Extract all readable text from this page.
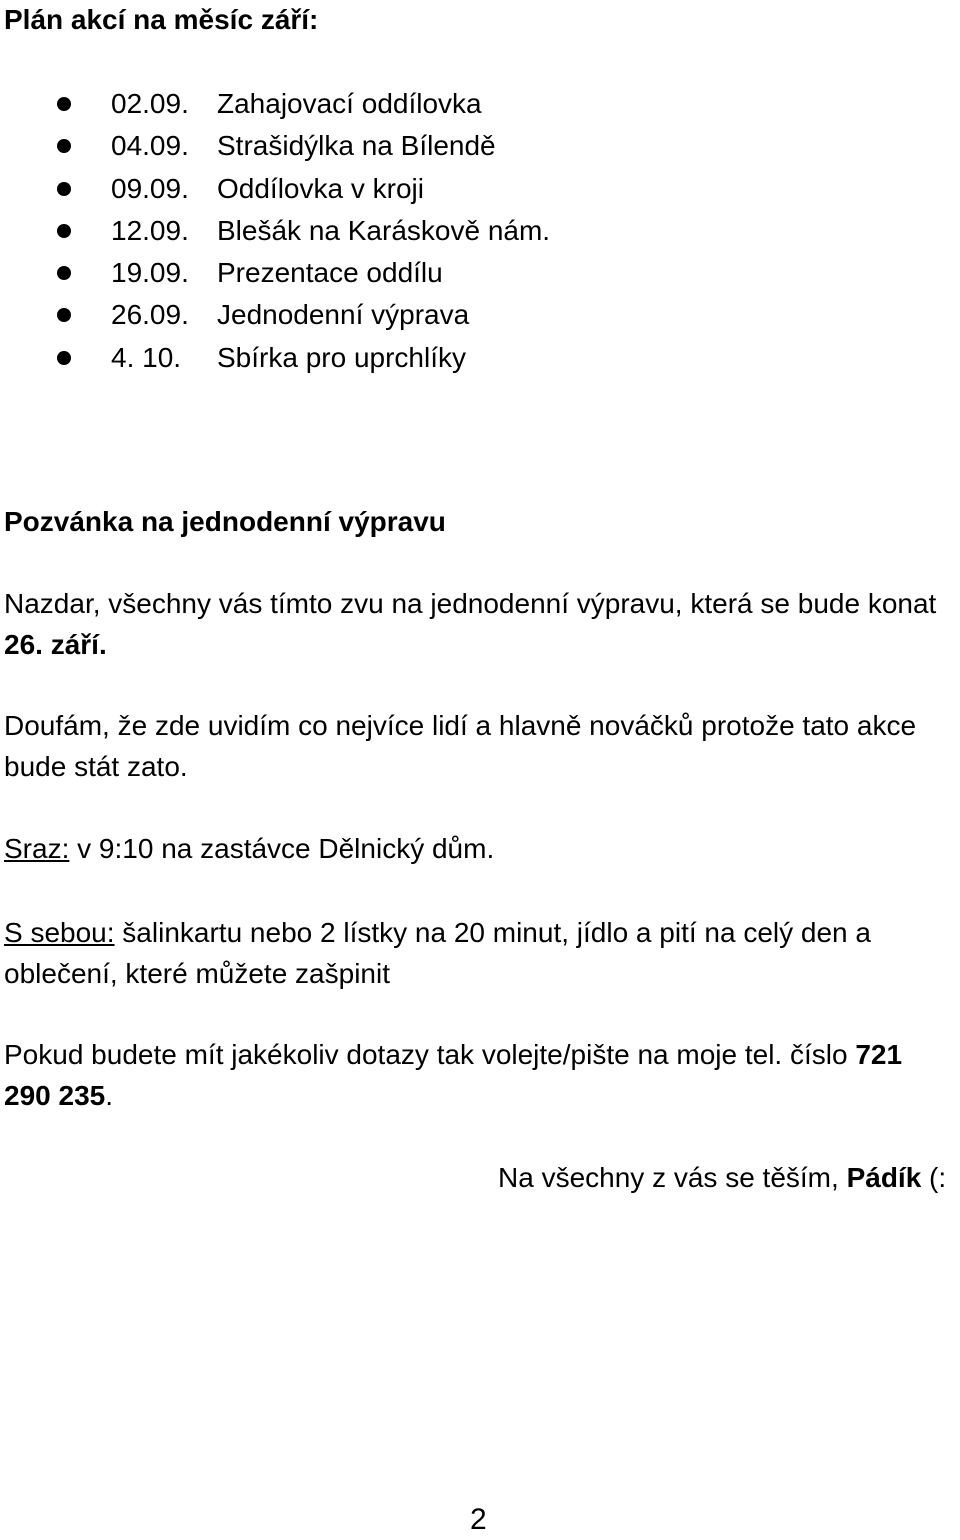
Plán akcí na měsíc září:
02.09. Zahajovací oddílovka
04.09. Strašidýlka na Bílendě
09.09. Oddílovka v kroji
12.09. Blešák na Karáskově nám.
19.09. Prezentace oddílu
26.09. Jednodenní výprava
4. 10. Sbírka pro uprchlíky
Pozvánka na jednodenní výpravu

Nazdar, všechny vás tímto zvu na jednodenní výpravu, která se bude konat 26. září.

Doufám, že zde uvidím co nejvíce lidí a hlavně nováčků protože tato akce bude stát zato.

Sraz: v 9:10 na zastávce Dělnický dům.

S sebou: šalinkartu nebo 2 lístky na 20 minut, jídlo a pití na celý den a oblečení, které můžete zašpinit

Pokud budete mít jakékoliv dotazy tak volejte/pište na moje tel. číslo 721 290 235.

Na všechny z vás se těším, Pádík (:
2
